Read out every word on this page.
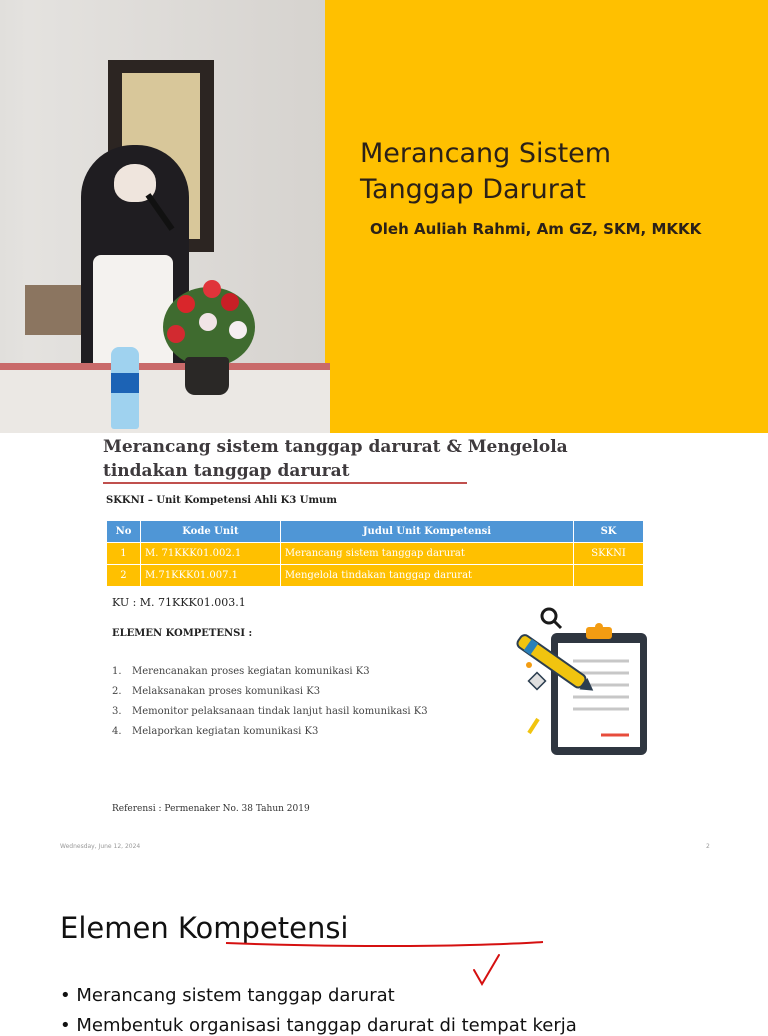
Merancang Sistem
Tanggap Darurat
Oleh Auliah Rahmi, Am GZ, SKM, MKKK
Merancang sistem tanggap darurat & Mengelola
tindakan tanggap darurat
SKKNI – Unit Kompetensi Ahli K3 Umum
No	Kode Unit	Judul Unit Kompetensi	SK
1	M. 71KKK01.002.1	Merancang sistem tanggap darurat	SKKNI
2	M.71KKK01.007.1	Mengelola tindakan tanggap darurat	
KU : M. 71KKK01.003.1
ELEMEN KOMPETENSI :
1. Merencanakan proses kegiatan komunikasi K3
2. Melaksanakan proses komunikasi K3
3. Memonitor pelaksanaan tindak lanjut hasil komunikasi K3
4. Melaporkan kegiatan komunikasi K3
Referensi : Permenaker No. 38 Tahun 2019
Wednesday, June 12, 2024	2
Elemen Kompetensi
• Merancang sistem tanggap darurat
• Membentuk organisasi tanggap darurat di tempat kerja
